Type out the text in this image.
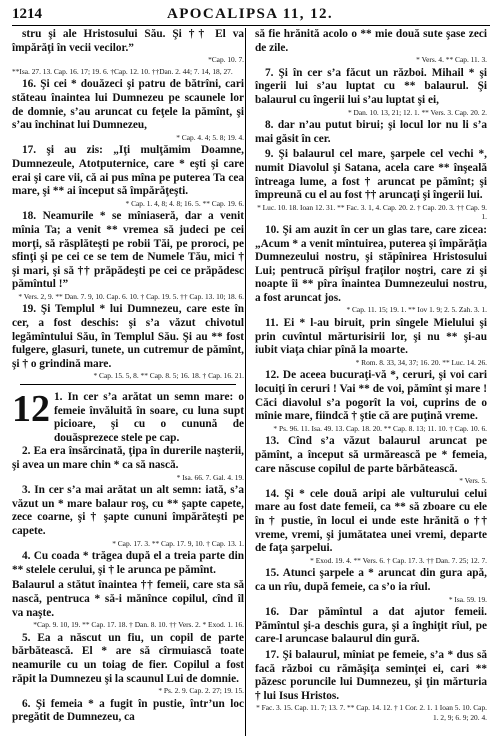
1214	APOCALIPSA 11, 12.

stru şi ale Hristosului Său. Şi †† El va împărăţi în vecii vecilor.”
*Cap. 10. 7.

**Isa. 27. 13. Cap. 16. 17; 19. 6. †Cap. 12. 10. ††Dan. 2. 44; 7. 14, 18, 27.

16. Şi cei * douăzeci şi patru de bătrîni, cari stăteau înaintea lui Dumnezeu pe scaunele lor de domnie, s’au aruncat cu feţele la pămînt, şi s’au închinat lui Dumnezeu,
* Cap. 4. 4; 5. 8; 19. 4.

17. şi au zis: „Iţi mulţămim Doamne, Dumnezeule, Atotputernice, care * eşti şi care erai şi care vii, că ai pus mîna pe puterea Ta cea mare, şi ** ai început să împărăţeşti.
* Cap. 1. 4, 8; 4. 8; 16. 5. ** Cap. 19. 6.

18. Neamurile * se mîniaseră, dar a venit mînia Ta; a venit ** vremea să judeci pe cei morţi, să răsplăteşti pe robii Tăi, pe proroci, pe sfinţi şi pe cei ce se tem de Numele Tău, mici † şi mari, şi să †† prăpădeşti pe cei ce prăpădesc pămîntul !”
* Vers. 2, 9. ** Dan. 7. 9, 10. Cap. 6. 10. † Cap. 19. 5. †† Cap. 13. 10; 18. 6.

19. Şi Templul * lui Dumnezeu, care este în cer, a fost deschis: şi s’a văzut chivotul legămîntului Său, în Templul Său. Şi au ** fost fulgere, glasuri, tunete, un cutremur de pămînt, şi † o grindină mare.
* Cap. 15. 5, 8. ** Cap. 8. 5; 16. 18. † Cap. 16. 21.

12 1. In cer s’a arătat un semn mare: o femeie învăluită în soare, cu luna supt picioare, şi cu o cunună de douăsprezece stele pe cap.

2. Ea era însărcinată, ţipa în durerile naşterii, şi avea un mare chin * ca să nască.
* Isa. 66. 7. Gal. 4. 19.

3. In cer s’a mai arătat un alt semn: iată, s’a văzut un * mare balaur roş, cu ** şapte capete, zece coarne, şi † şapte cununi împărăteşti pe capete.
* Cap. 17. 3. ** Cap. 17. 9, 10. † Cap. 13. 1.

4. Cu coada * trăgea după el a treia parte din ** stelele cerului, şi † le arunca pe pămînt.

Balaurul a stătut înaintea †† femeii, care sta să nască, pentruca * să-i mănînce copilul, cînd îl va naşte.
*Cap. 9. 10, 19. ** Cap. 17. 18. † Dan. 8. 10. †† Vers. 2. * Exod. 1. 16.

5. Ea a născut un fiu, un copil de parte bărbătească. El * are să cîrmuiască toate neamurile cu un toiag de fier. Copilul a fost răpit la Dumnezeu şi la scaunul Lui de domnie.
* Ps. 2. 9. Cap. 2. 27; 19. 15.

6. Şi femeia * a fugit în pustie, într’un loc pregătit de Dumnezeu, ca

să fie hrănită acolo o ** mie două sute şase zeci de zile.
* Vers. 4. ** Cap. 11. 3.

7. Şi în cer s’a făcut un război. Mihail * şi îngerii lui s’au luptat cu ** balaurul. Şi balaurul cu îngerii lui s’au luptat şi ei,
* Dan. 10. 13, 21; 12. 1. ** Vers. 3. Cap. 20. 2.

8. dar n’au putut birui; şi locul lor nu li s’a mai găsit în cer.

9. Şi balaurul cel mare, şarpele cel vechi *, numit Diavolul şi Satana, acela care ** înşeală întreaga lume, a fost † aruncat pe pămînt; şi împreună cu el au fost †† aruncaţi şi îngerii lui.
* Luc. 10. 18. Ioan 12. 31. ** Fac. 3. 1, 4. Cap. 20. 2. † Cap. 20. 3. †† Cap. 9. 1.

10. Şi am auzit în cer un glas tare, care zicea: „Acum * a venit mîntuirea, puterea şi împărăţia Dumnezeului nostru, şi stăpînirea Hristosului Lui; pentrucă pîrîşul fraţilor noştri, care zi şi noapte îi ** pîra înaintea Dumnezeului nostru, a fost aruncat jos.
* Cap. 11. 15; 19. 1. ** Iov 1. 9; 2. 5. Zah. 3. 1.

11. Ei * l-au biruit, prin sîngele Mielului şi prin cuvîntul mărturisirii lor, şi nu ** şi-au iubit viaţa chiar pînă la moarte.
* Rom. 8. 33, 34, 37; 16. 20. ** Luc. 14. 26.

12. De aceea bucuraţi-vă *, ceruri, şi voi cari locuiţi în ceruri ! Vai ** de voi, pămînt şi mare ! Căci diavolul s’a pogorît la voi, cuprins de o mînie mare, fiindcă † ştie că are puţină vreme.
* Ps. 96. 11. Isa. 49. 13. Cap. 18. 20. ** Cap. 8. 13; 11. 10. † Cap. 10. 6.

13. Cînd s’a văzut balaurul aruncat pe pămînt, a început să urmărească pe * femeia, care născuse copilul de parte bărbătească.
* Vers. 5.

14. Şi * cele două aripi ale vulturului celui mare au fost date femeii, ca ** să zboare cu ele în † pustie, în locul ei unde este hrănită o †† vreme, vremi, şi jumătatea unei vremi, departe de faţa şarpelui.
* Exod. 19. 4. ** Vers. 6. † Cap. 17. 3. †† Dan. 7. 25; 12. 7.

15. Atunci şarpele a * aruncat din gura apă, ca un rîu, după femeie, ca s’o ia rîul.
* Isa. 59. 19.

16. Dar pămîntul a dat ajutor femeii. Pămîntul şi-a deschis gura, şi a înghiţit rîul, pe care-l aruncase balaurul din gură.

17. Şi balaurul, mîniat pe femeie, s’a * dus să facă război cu rămăşiţa seminţei ei, cari ** păzesc poruncile lui Dumnezeu, şi ţin mărturia † lui Isus Hristos.
* Fac. 3. 15. Cap. 11. 7; 13. 7. ** Cap. 14. 12. † 1 Cor. 2. 1. 1 Ioan 5. 10. Cap. 1. 2, 9; 6. 9; 20. 4.
